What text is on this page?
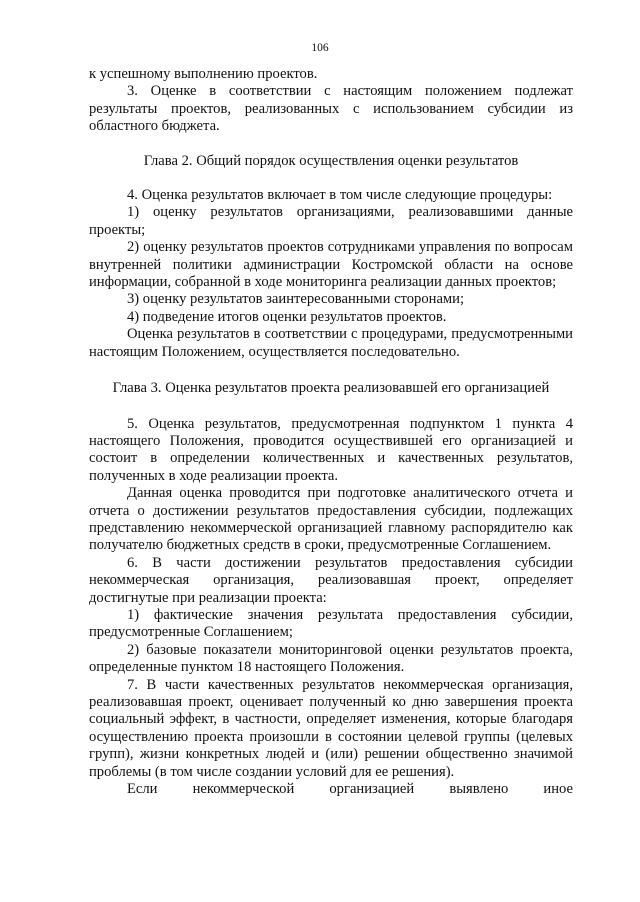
106

к успешному выполнению проектов.

3. Оценке в соответствии с настоящим положением подлежат результаты проектов, реализованных с использованием субсидии из областного бюджета.

Глава 2. Общий порядок осуществления оценки результатов

4. Оценка результатов включает в том числе следующие процедуры:

1) оценку результатов организациями, реализовавшими данные проекты;

2) оценку результатов проектов сотрудниками управления по вопросам внутренней политики администрации Костромской области на основе информации, собранной в ходе мониторинга реализации данных проектов;

3) оценку результатов заинтересованными сторонами;

4) подведение итогов оценки результатов проектов.

Оценка результатов в соответствии с процедурами, предусмотренными настоящим Положением, осуществляется последовательно.

Глава 3. Оценка результатов проекта реализовавшей его организацией

5. Оценка результатов, предусмотренная подпунктом 1 пункта 4 настоящего Положения, проводится осуществившей его организацией и состоит в определении количественных и качественных результатов, полученных в ходе реализации проекта.

Данная оценка проводится при подготовке аналитического отчета и отчета о достижении результатов предоставления субсидии, подлежащих представлению некоммерческой организацией главному распорядителю как получателю бюджетных средств в сроки, предусмотренные Соглашением.

6. В части достижении результатов предоставления субсидии некоммерческая организация, реализовавшая проект, определяет достигнутые при реализации проекта:

1) фактические значения результата предоставления субсидии, предусмотренные Соглашением;

2) базовые показатели мониторинговой оценки результатов проекта, определенные пунктом 18 настоящего Положения.

7. В части качественных результатов некоммерческая организация, реализовавшая проект, оценивает полученный ко дню завершения проекта социальный эффект, в частности, определяет изменения, которые благодаря осуществлению проекта произошли в состоянии целевой группы (целевых групп), жизни конкретных людей и (или) решении общественно значимой проблемы (в том числе создании условий для ее решения).

Если некоммерческой организацией выявлено иное
